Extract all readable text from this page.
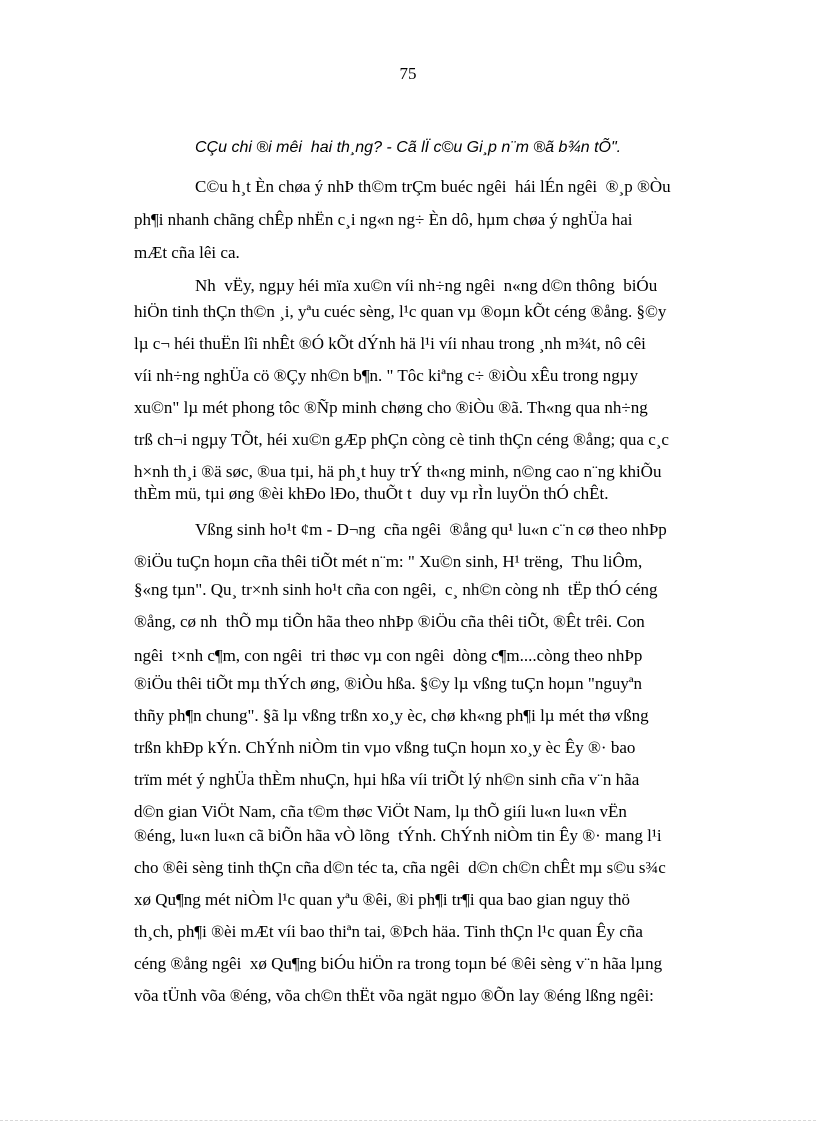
75
CÇu chi ®i mêi  hai th¸ng? - Cã lÏ c©u Gi¸p n¨m ®ã b¾n tÕ".
C©u h¸t Èn chøa ý nhÞ th©m trÇm buéc ngêi  hái lÉn ngêi  ®¸p ®Òu
ph¶i nhanh chãng chÊp nhËn c¸i ng«n ng÷ Èn dô, hµm chøa ý nghÜa hai
mÆt cña lêi ca.
Nh  vËy, ngµy héi mïa xu©n víi nh÷ng ngêi  n«ng d©n thông  biÓu
hiÖn tinh thÇn th©n ¸i, yªu cuéc sèng, l¹c quan vµ ®oµn kÕt céng ®ång. §©y
lµ c¬ héi thuËn lîi nhÊt ®Ó kÕt dÝnh hä l¹i víi nhau trong ¸nh m¾t, nô cêi
víi nh÷ng nghÜa cö ®Çy nh©n b¶n. " Tôc kiªng c÷ ®iÒu xÊu trong ngµy
xu©n" lµ mét phong tôc ®Ñp minh chøng cho ®iÒu ®ã. Th«ng qua nh÷ng
trß ch¬i ngµy TÕt, héi xu©n gÆp phÇn còng cè tinh thÇn céng ®ång; qua c¸c
h×nh th¸i ®ä søc, ®ua tµi, hä ph¸t huy trÝ th«ng minh, n©ng cao n¨ng khiÕu
thÈm mü, tµi øng ®èi khÐo lÐo, thuÕt t  duy vµ rÌn luyÖn thÓ chÊt.
Vßng sinh ho¹t ¢m - D¬ng  cña ngêi  ®ång qu¹ lu«n c¨n cø theo nhÞp
®iÖu tuÇn hoµn cña thêi tiÕt mét n¨m: " Xu©n sinh, H¹ trëng,  Thu liÔm,
§«ng tµn". Qu¸ tr×nh sinh ho¹t cña con ngêi,  c¸ nh©n còng nh  tËp thÓ céng
®ång, cø nh  thÕ mµ tiÕn hãa theo nhÞp ®iÖu cña thêi tiÕt, ®Êt trêi. Con
ngêi  t×nh c¶m, con ngêi  tri thøc vµ con ngêi  dòng c¶m....còng theo nhÞp
®iÖu thêi tiÕt mµ thÝch øng, ®iÒu hßa. §©y lµ vßng tuÇn hoµn "nguyªn
thñy ph¶n chung". §ã lµ vßng trßn xo¸y èc, chø kh«ng ph¶i lµ mét thø vßng
trßn khÐp kÝn. ChÝnh niÒm tin vµo vßng tuÇn hoµn xo¸y èc Êy ®· bao
trïm mét ý nghÜa thÈm nhuÇn, hµi hßa víi triÕt lý nh©n sinh cña v¨n hãa
d©n gian ViÖt Nam, cña t©m thøc ViÖt Nam, lµ thÕ giíi lu«n lu«n vËn
®éng, lu«n lu«n cã biÕn hãa vÒ lõng  tÝnh. ChÝnh niÒm tin Êy ®· mang l¹i
cho ®êi sèng tinh thÇn cña d©n téc ta, cña ngêi  d©n ch©n chÊt mµ s©u s¾c
xø Qu¶ng mét niÒm l¹c quan yªu ®êi, ®i ph¶i tr¶i qua bao gian nguy thö
th¸ch, ph¶i ®èi mÆt víi bao thiªn tai, ®Þch häa. Tinh thÇn l¹c quan Êy cña
céng ®ång ngêi  xø Qu¶ng biÓu hiÖn ra trong toµn bé ®êi sèng v¨n hãa lµng
võa tÜnh võa ®éng, võa ch©n thËt võa ngät ngµo ®Õn lay ®éng lßng ngêi:
